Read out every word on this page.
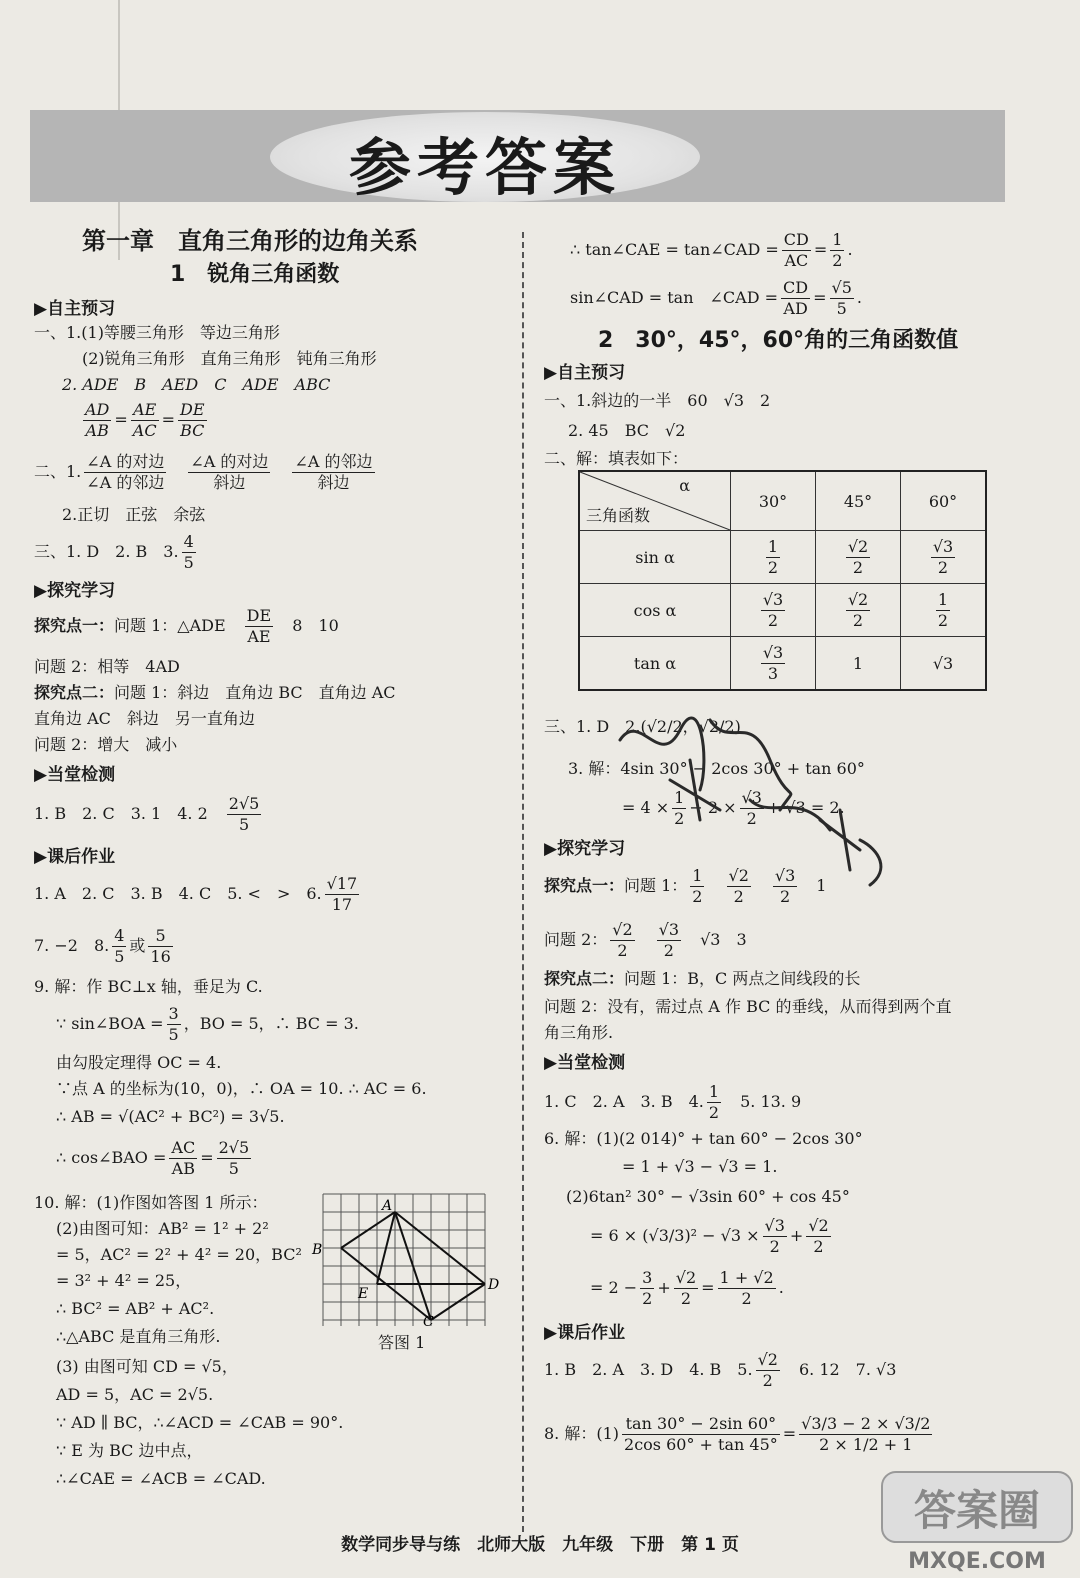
参考答案
第一章　直角三角形的边角关系
1　锐角三角函数
▶自主预习
一、1.(1)等腰三角形　等边三角形
(2)锐角三角形　直角三角形　钝角三角形
2. ADE　B　AED　C　ADE　ABC
$\frac{AD}{AB} = \frac{AE}{AC} = \frac{DE}{BC}$
二、1.
∠A 的对边
∠A 的邻边

∠A 的对边
斜边

∠A 的邻边
斜边
2.正切　正弦　余弦
三、1. D　2. B　3. $\frac{4}{5}$
▶探究学习
探究点一：问题 1：△ADE　 $\frac{DE}{AE}$
　 8　10
问题 2：相等　4AD
探究点二：问题 1：斜边　直角边 BC　直角边 AC
直角边 AC　斜边　另一直角边
问题 2：增大　减小
▶当堂检测
1. B　2. C　3. 1　4. 2　 $\frac{2√5}{5}$
▶课后作业
1. A　2. C　3. B　4. C　5. <　>　6. $\frac{√17}{17}$
7. −2　8. $\frac{4}{5}$ 或 $\frac{5}{16}$
9. 解：作 BC⊥x 轴，垂足为 C.
∵ sin∠BOA = $\frac{3}{5}$ ，BO = 5，∴ BC = 3.
由勾股定理得 OC = 4.
∵点 A 的坐标为(10，0)，∴ OA = 10. ∴ AC = 6.
∴ AB = √(AC² + BC²) = 3√5.
∴ cos∠BAO = $\frac{AC}{AB} = \frac{2√5}{5}$
10. 解：(1)作图如答图 1 所示：
(2)由图可知：AB² = 1² + 2²
= 5，AC² = 2² + 4² = 20，BC²
= 3² + 4² = 25，
∴ BC² = AB² + AC².
∴△ABC 是直角三角形.
(3) 由图可知 CD = √5，
AD = 5，AC = 2√5.
∵ AD ∥ BC，∴∠ACD = ∠CAB = 90°.
∵ E 为 BC 边中点，
∴∠CAE = ∠ACB = ∠CAD.
A
B
E
C
D
答图 1
∴ tan∠CAE = tan∠CAD = $\frac{CD}{AC} = \frac{1}{2}$ .
sin∠CAD = tan　∠CAD = $\frac{CD}{AD} = \frac{√5}{5}$ .
2　30°，45°，60°角的三角函数值
▶自主预习
一、1.斜边的一半　60　√3　2
2. 45　BC　√2
二、解：填表如下：
α
三角函数	30°	45°	60°
sin α	$\frac{1}{2}$	$\frac{√2}{2}$	$\frac{√3}{2}$

cos α	$\frac{√3}{2}$	$\frac{√2}{2}$	$\frac{1}{2}$

tan α	$\frac{√3}{3}$	1	√3
三、1. D　2.(√2/2，√2/2)
3. 解：4sin 30° − 2cos 30° + tan 60°
= $4 \times \frac{1}{2} - 2 \times \frac{√3}{2} + √3 = 2$.
▶探究学习
探究点一：问题 1： $\frac{1}{2}$
　 $\frac{√2}{2}$
　 $\frac{√3}{2}$
　 1
问题 2： $\frac{√2}{2}$
　 $\frac{√3}{2}$
　 √3　3
探究点二：问题 1：B，C 两点之间线段的长
问题 2：没有，需过点 A 作 BC 的垂线，从而得到两个直
角三角形.
▶当堂检测
1. C　2. A　3. B　4. $\frac{1}{2}$
　 5. 13. 9
6. 解：(1)(2 014)° + tan 60° − 2cos 30°
= 1 + √3 − √3 = 1.
(2)6tan² 30° − √3sin 60° + cos 45°
= $6 \times (√3/3)^2 - √3 \times \frac{√3}{2} + \frac{√2}{2}$
= $2 - \frac{3}{2} + \frac{√2}{2} = \frac{1 + √2}{2}$ .
▶课后作业
1. B　2. A　3. D　4. B　5. $\frac{√2}{2}$
　 6. 12　7. √3
8. 解：$(1) \frac{\tan 30^\circ - 2\sin 60^\circ}{2\cos 60^\circ + \tan 45^\circ} = \frac{√3/3 - 2 \times √3/2}{2 \times 1/2 + 1}$
数学同步导与练　北师大版　九年级　下册　第 1 页
答案圈
MXQE.COM
